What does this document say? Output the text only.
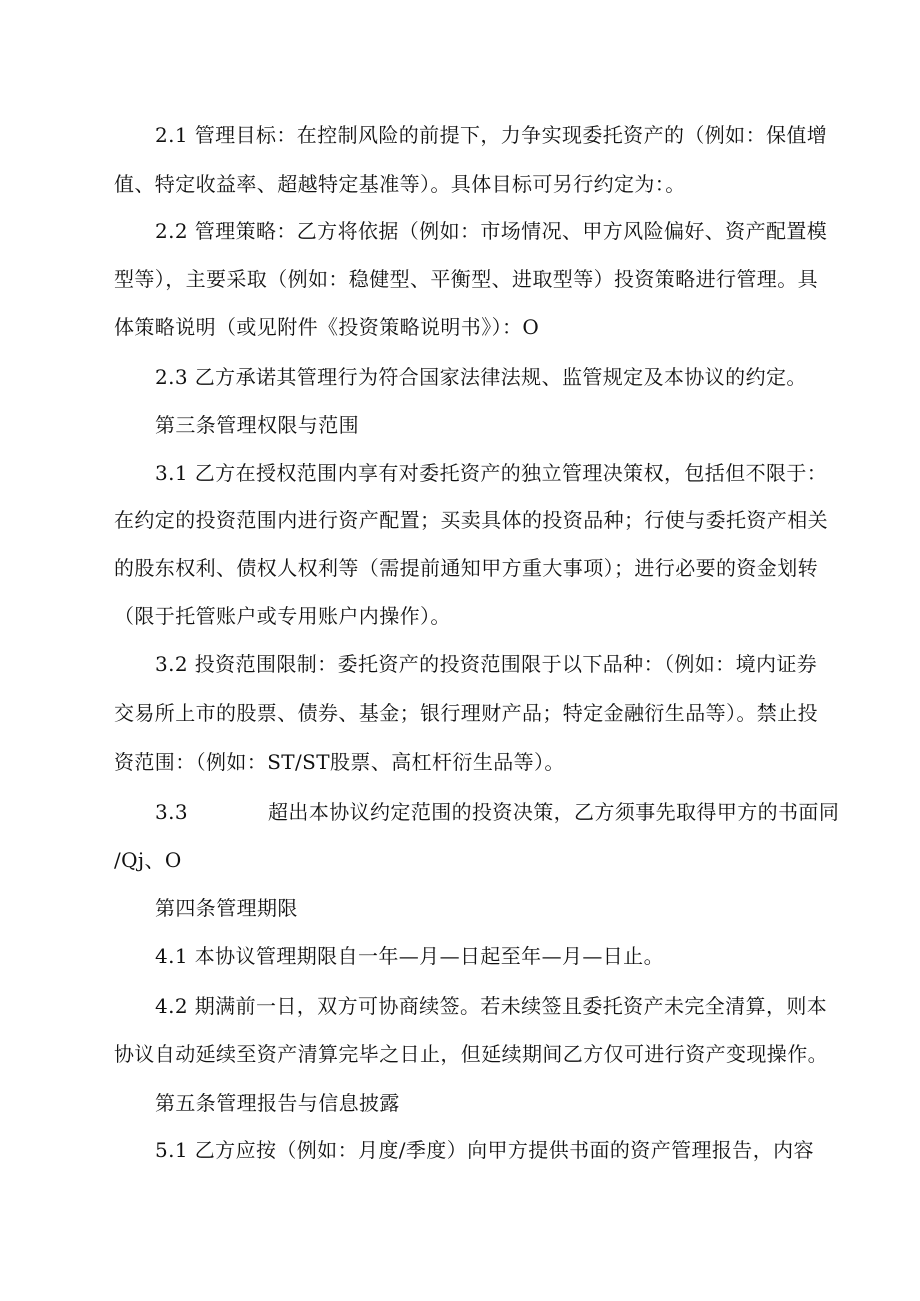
2.1 管理目标：在控制风险的前提下，力争实现委托资产的（例如：保值增
值、特定收益率、超越特定基准等）。具体目标可另行约定为：。
2.2 管理策略：乙方将依据（例如：市场情况、甲方风险偏好、资产配置模
型等），主要采取（例如：稳健型、平衡型、进取型等）投资策略进行管理。具
体策略说明（或见附件《投资策略说明书》）：O
2.3 乙方承诺其管理行为符合国家法律法规、监管规定及本协议的约定。
第三条管理权限与范围
3.1 乙方在授权范围内享有对委托资产的独立管理决策权，包括但不限于：
在约定的投资范围内进行资产配置；买卖具体的投资品种；行使与委托资产相关
的股东权利、债权人权利等（需提前通知甲方重大事项）；进行必要的资金划转
（限于托管账户或专用账户内操作）。
3.2 投资范围限制：委托资产的投资范围限于以下品种：（例如：境内证券
交易所上市的股票、债券、基金；银行理财产品；特定金融衍生品等）。禁止投
资范围：（例如：ST/ST股票、高杠杆衍生品等）。
3.3	超出本协议约定范围的投资决策，乙方须事先取得甲方的书面同
/Qj、O
第四条管理期限
4.1 本协议管理期限自一年—月—日起至年—月—日止。
4.2 期满前一日，双方可协商续签。若未续签且委托资产未完全清算，则本
协议自动延续至资产清算完毕之日止，但延续期间乙方仅可进行资产变现操作。
第五条管理报告与信息披露
5.1 乙方应按（例如：月度/季度）向甲方提供书面的资产管理报告，内容
